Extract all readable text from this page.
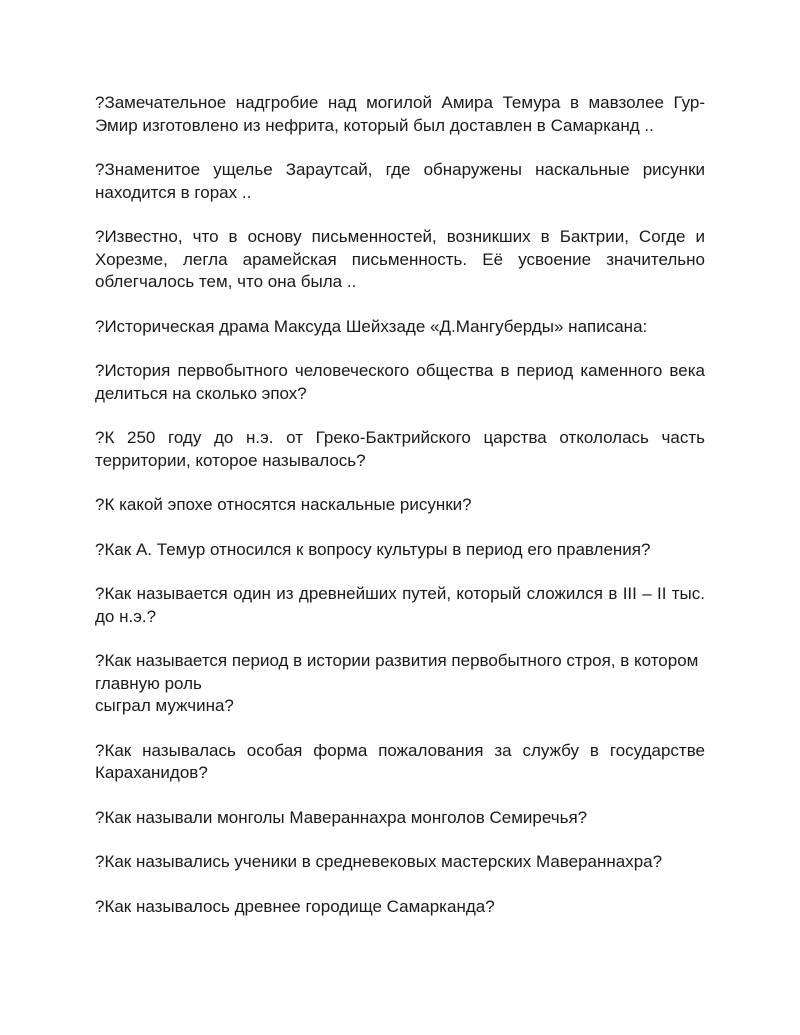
?Замечательное надгробие над могилой Амира Темура в мавзолее Гур-Эмир изготовлено из нефрита, который был доставлен в Самарканд ..

?Знаменитое ущелье Зараутсай, где обнаружены наскальные рисунки находится в горах ..

?Известно, что в основу письменностей, возникших в Бактрии, Согде и Хорезме, легла арамейская письменность. Её усвоение значительно облегчалось тем, что она была ..

?Историческая драма Максуда Шейхзаде «Д.Мангуберды» написана:

?История первобытного человеческого общества в период каменного века делиться на сколько эпох?

?К 250 году до н.э. от Греко-Бактрийского царства откололась часть территории, которое называлось?

?К какой эпохе относятся наскальные рисунки?

?Как А. Темур относился к вопросу культуры в период его правления?

?Как называется один из древнейших путей, который сложился в III – II тыс. до н.э.?

?Как называется период в истории развития первобытного строя, в котором главную роль
сыграл мужчина?

?Как называлась особая форма пожалования за службу в государстве Караханидов?

?Как называли монголы Мавераннахра монголов Семиречья?

?Как назывались ученики в средневековых мастерских Мавераннахра?

?Как называлось древнее городище Самарканда?
